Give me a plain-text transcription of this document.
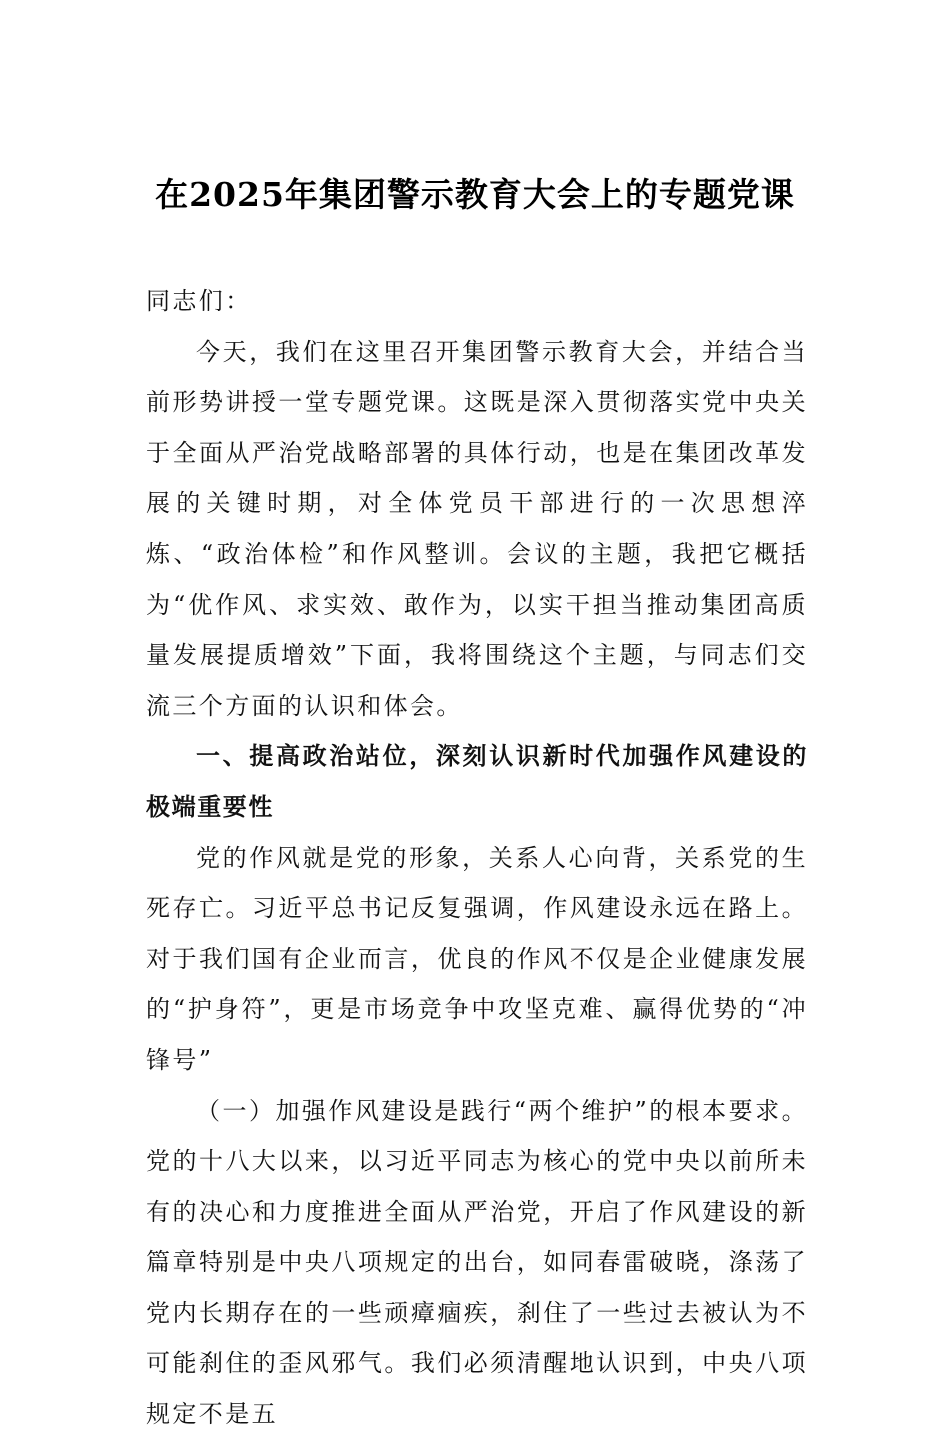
在2025年集团警示教育大会上的专题党课

同志们：

今天，我们在这里召开集团警示教育大会，并结合当前形势讲授一堂专题党课。这既是深入贯彻落实党中央关于全面从严治党战略部署的具体行动，也是在集团改革发展的关键时期，对全体党员干部进行的一次思想淬炼、“政治体检”和作风整训。会议的主题，我把它概括为“优作风、求实效、敢作为，以实干担当推动集团高质量发展提质增效”下面，我将围绕这个主题，与同志们交流三个方面的认识和体会。

一、提高政治站位，深刻认识新时代加强作风建设的极端重要性

党的作风就是党的形象，关系人心向背，关系党的生死存亡。习近平总书记反复强调，作风建设永远在路上。对于我们国有企业而言，优良的作风不仅是企业健康发展的“护身符”，更是市场竞争中攻坚克难、赢得优势的“冲锋号”

（一）加强作风建设是践行“两个维护”的根本要求。党的十八大以来，以习近平同志为核心的党中央以前所未有的决心和力度推进全面从严治党，开启了作风建设的新篇章特别是中央八项规定的出台，如同春雷破晓，涤荡了党内长期存在的一些顽瘴痼疾，刹住了一些过去被认为不可能刹住的歪风邪气。我们必须清醒地认识到，中央八项规定不是五
